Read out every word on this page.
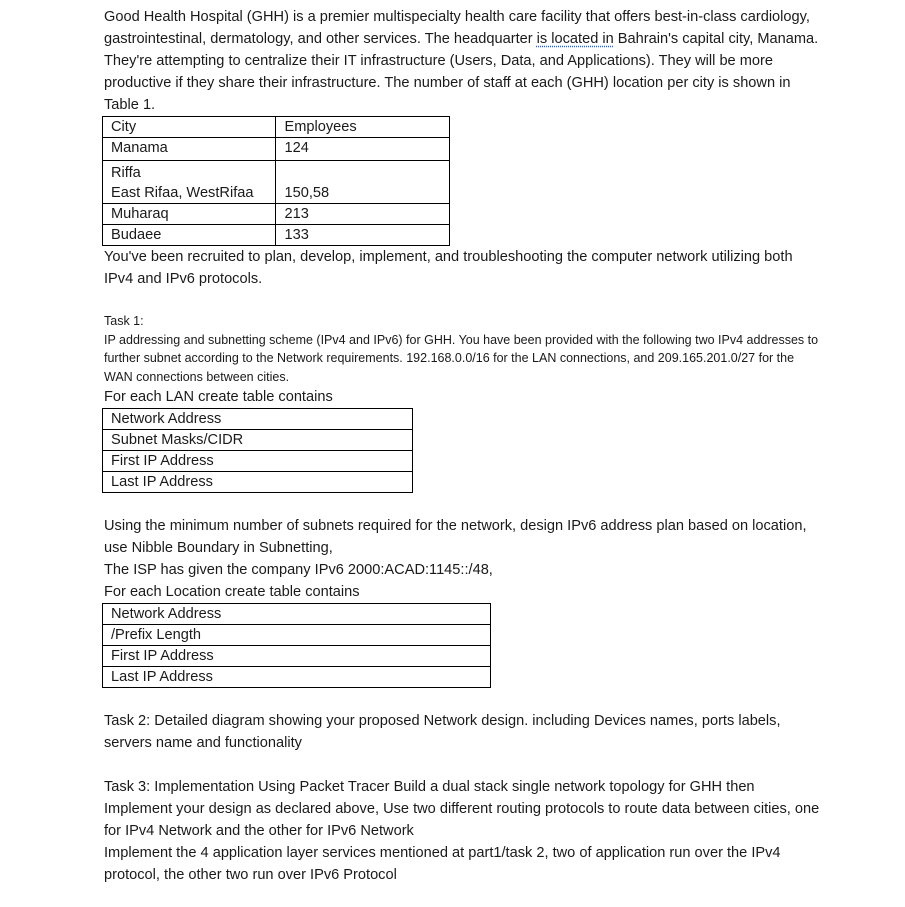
Good Health Hospital (GHH) is a premier multispecialty health care facility that offers best-in-class cardiology, gastrointestinal, dermatology, and other services. The headquarter is located in Bahrain's capital city, Manama. They're attempting to centralize their IT infrastructure (Users, Data, and Applications). They will be more productive if they share their infrastructure. The number of staff at each (GHH) location per city is shown in Table 1.

City	Employees
Manama	124

Riffa
East Rifaa, WestRifaa	150,58
Muharaq	213
Budaee	133

You've been recruited to plan, develop, implement, and troubleshooting the computer network utilizing both IPv4 and IPv6 protocols.

Task 1:

IP addressing and subnetting scheme (IPv4 and IPv6) for GHH. You have been provided with the following two IPv4 addresses to further subnet according to the Network requirements. 192.168.0.0/16 for the LAN connections, and 209.165.201.0/27 for the WAN connections between cities.

For each LAN create table contains

Network Address
Subnet Masks/CIDR
First IP Address
Last IP Address

Using the minimum number of subnets required for the network, design IPv6 address plan based on location, use Nibble Boundary in Subnetting,

The ISP has given the company IPv6 2000:ACAD:1145::/48,

For each Location create table contains

Network Address
/Prefix Length
First IP Address
Last IP Address

Task 2: Detailed diagram showing your proposed Network design. including Devices names, ports labels, servers name and functionality

Task 3: Implementation Using Packet Tracer Build a dual stack single network topology for GHH then Implement your design as declared above, Use two different routing protocols to route data between cities, one for IPv4 Network and the other for IPv6 Network

Implement the 4 application layer services mentioned at part1/task 2, two of application run over the IPv4 protocol, the other two run over IPv6 Protocol
